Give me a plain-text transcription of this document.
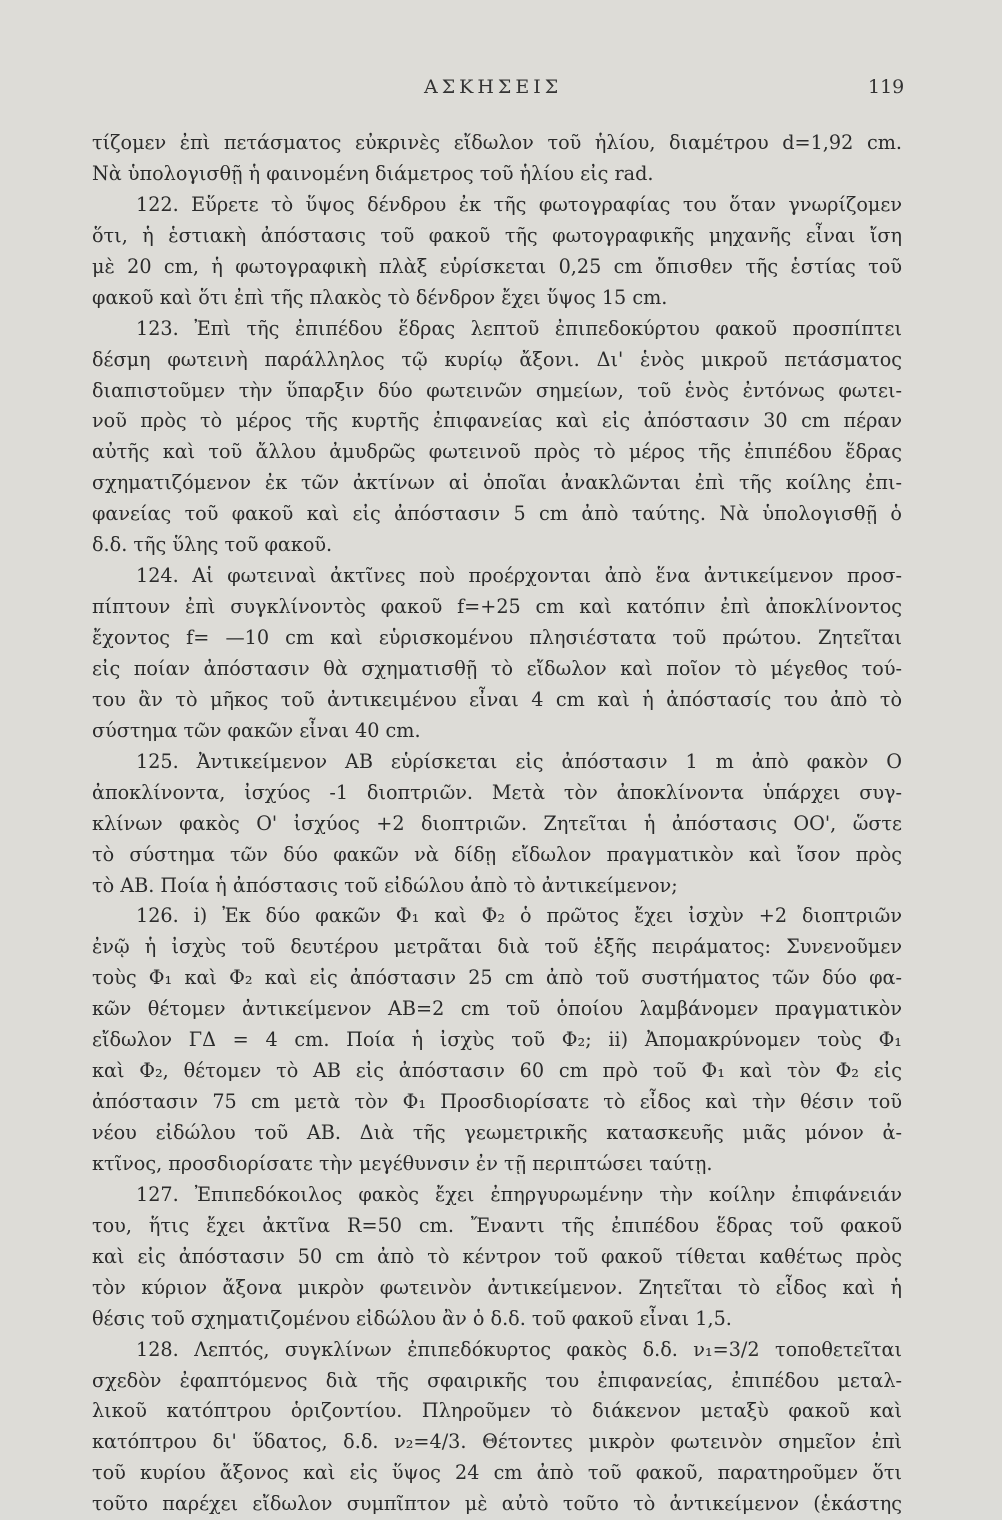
ΑΣΚΗΣΕΙΣ	119
τίζομεν ἐπὶ πετάσματος εὐκρινὲς εἴδωλον τοῦ ἡλίου, διαμέτρου d=1,92 cm.
Νὰ ὑπολογισθῇ ἡ φαινομένη διάμετρος τοῦ ἡλίου εἰς rad.
122. Εὕρετε τὸ ὕψος δένδρου ἐκ τῆς φωτογραφίας του ὅταν γνωρίζομεν
ὅτι, ἡ ἑστιακὴ ἀπόστασις τοῦ φακοῦ τῆς φωτογραφικῆς μηχανῆς εἶναι ἴση
μὲ 20 cm, ἡ φωτογραφικὴ πλὰξ εὑρίσκεται 0,25 cm ὄπισθεν τῆς ἑστίας τοῦ
φακοῦ καὶ ὅτι ἐπὶ τῆς πλακὸς τὸ δένδρον ἔχει ὕψος 15 cm.
123. Ἐπὶ τῆς ἐπιπέδου ἕδρας λεπτοῦ ἐπιπεδοκύρτου φακοῦ προσπίπτει
δέσμη φωτεινὴ παράλληλος τῷ κυρίῳ ἄξονι. Δι' ἑνὸς μικροῦ πετάσματος
διαπιστοῦμεν τὴν ὕπαρξιν δύο φωτεινῶν σημείων, τοῦ ἑνὸς ἐντόνως φωτει-
νοῦ πρὸς τὸ μέρος τῆς κυρτῆς ἐπιφανείας καὶ εἰς ἀπόστασιν 30 cm πέραν
αὐτῆς καὶ τοῦ ἄλλου ἀμυδρῶς φωτεινοῦ πρὸς τὸ μέρος τῆς ἐπιπέδου ἕδρας
σχηματιζόμενον ἐκ τῶν ἀκτίνων αἱ ὁποῖαι ἀνακλῶνται ἐπὶ τῆς κοίλης ἐπι-
φανείας τοῦ φακοῦ καὶ εἰς ἀπόστασιν 5 cm ἀπὸ ταύτης. Νὰ ὑπολογισθῇ ὁ
δ.δ. τῆς ὕλης τοῦ φακοῦ.
124. Αἱ φωτειναὶ ἀκτῖνες ποὺ προέρχονται ἀπὸ ἕνα ἀντικείμενον προσ-
πίπτουν ἐπὶ συγκλίνοντὸς φακοῦ f=+25 cm καὶ κατόπιν ἐπὶ ἀποκλίνοντος
ἔχοντος f= —10 cm καὶ εὑρισκομένου πλησιέστατα τοῦ πρώτου. Ζητεῖται
εἰς ποίαν ἀπόστασιν θὰ σχηματισθῇ τὸ εἴδωλον καὶ ποῖον τὸ μέγεθος τού-
του ἂν τὸ μῆκος τοῦ ἀντικειμένου εἶναι 4 cm καὶ ἡ ἀπόστασίς του ἀπὸ τὸ
σύστημα τῶν φακῶν εἶναι 40 cm.
125. Ἀντικείμενον ΑΒ εὑρίσκεται εἰς ἀπόστασιν 1 m ἀπὸ φακὸν Ο
ἀποκλίνοντα, ἰσχύος -1 διοπτριῶν. Μετὰ τὸν ἀποκλίνοντα ὑπάρχει συγ-
κλίνων φακὸς Ο' ἰσχύος +2 διοπτριῶν. Ζητεῖται ἡ ἀπόστασις ΟΟ', ὥστε
τὸ σύστημα τῶν δύο φακῶν νὰ δίδῃ εἴδωλον πραγματικὸν καὶ ἴσον πρὸς
τὸ ΑΒ. Ποία ἡ ἀπόστασις τοῦ εἰδώλου ἀπὸ τὸ ἀντικείμενον;
126. i) Ἐκ δύο φακῶν Φ₁ καὶ Φ₂ ὁ πρῶτος ἔχει ἰσχὺν +2 διοπτριῶν
ἐνῷ ἡ ἰσχὺς τοῦ δευτέρου μετρᾶται διὰ τοῦ ἑξῆς πειράματος: Συνενοῦμεν
τοὺς Φ₁ καὶ Φ₂ καὶ εἰς ἀπόστασιν 25 cm ἀπὸ τοῦ συστήματος τῶν δύο φα-
κῶν θέτομεν ἀντικείμενον ΑΒ=2 cm τοῦ ὁποίου λαμβάνομεν πραγματικὸν
εἴδωλον ΓΔ = 4 cm. Ποία ἡ ἰσχὺς τοῦ Φ₂; ii) Ἀπομακρύνομεν τοὺς Φ₁
καὶ Φ₂, θέτομεν τὸ ΑΒ εἰς ἀπόστασιν 60 cm πρὸ τοῦ Φ₁ καὶ τὸν Φ₂ εἰς
ἀπόστασιν 75 cm μετὰ τὸν Φ₁ Προσδιορίσατε τὸ εἶδος καὶ τὴν θέσιν τοῦ
νέου εἰδώλου τοῦ ΑΒ. Διὰ τῆς γεωμετρικῆς κατασκευῆς μιᾶς μόνον ἀ-
κτῖνος, προσδιορίσατε τὴν μεγέθυνσιν ἐν τῇ περιπτώσει ταύτῃ.
127. Ἐπιπεδόκοιλος φακὸς ἔχει ἐπηργυρωμένην τὴν κοίλην ἐπιφάνειάν
του, ἥτις ἔχει ἀκτῖνα R=50 cm. Ἔναντι τῆς ἐπιπέδου ἕδρας τοῦ φακοῦ
καὶ εἰς ἀπόστασιν 50 cm ἀπὸ τὸ κέντρον τοῦ φακοῦ τίθεται καθέτως πρὸς
τὸν κύριον ἄξονα μικρὸν φωτεινὸν ἀντικείμενον. Ζητεῖται τὸ εἶδος καὶ ἡ
θέσις τοῦ σχηματιζομένου εἰδώλου ἂν ὁ δ.δ. τοῦ φακοῦ εἶναι 1,5.
128. Λεπτός, συγκλίνων ἐπιπεδόκυρτος φακὸς δ.δ. ν₁=3/2 τοποθετεῖται
σχεδὸν ἐφαπτόμενος διὰ τῆς σφαιρικῆς του ἐπιφανείας, ἐπιπέδου μεταλ-
λικοῦ κατόπτρου ὁριζοντίου. Πληροῦμεν τὸ διάκενον μεταξὺ φακοῦ καὶ
κατόπτρου δι' ὕδατος, δ.δ. ν₂=4/3. Θέτοντες μικρὸν φωτεινὸν σημεῖον ἐπὶ
τοῦ κυρίου ἄξονος καὶ εἰς ὕψος 24 cm ἀπὸ τοῦ φακοῦ, παρατηροῦμεν ὅτι
τοῦτο παρέχει εἴδωλον συμπῖπτον μὲ αὐτὸ τοῦτο τὸ ἀντικείμενον (ἑκάστης
